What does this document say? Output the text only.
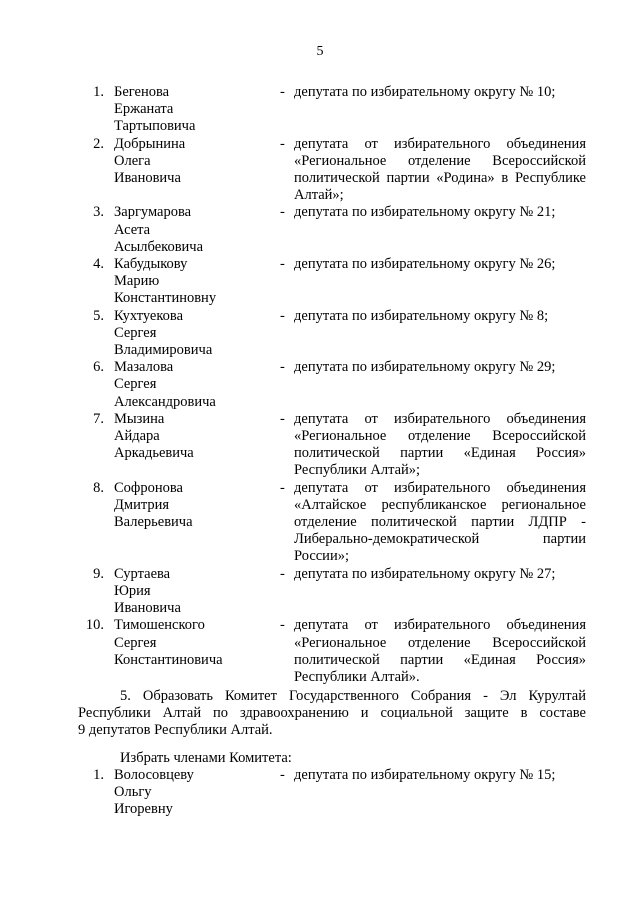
5
1. Бегенова
Ержаната
Тартыповича
- депутата по избирательному округу № 10;
2. Добрынина
Олега
Ивановича
- депутата от избирательного объединения
«Региональное отделение Всероссийской
политической партии «Родина» в Республике
Алтай»;
3. Заргумарова
Асета
Асылбековича
- депутата по избирательному округу № 21;
4. Кабудыкову
Марию
Константиновну
- депутата по избирательному округу № 26;
5. Кухтуекова
Сергея
Владимировича
- депутата по избирательному округу № 8;
6. Мазалова
Сергея
Александровича
- депутата по избирательному округу № 29;
7. Мызина
Айдара
Аркадьевича
- депутата от избирательного объединения
«Региональное отделение Всероссийской
политической партии «Единая Россия»
Республики Алтай»;
8. Софронова
Дмитрия
Валерьевича
- депутата от избирательного объединения
«Алтайское республиканское региональное
отделение политической партии ЛДПР -
Либерально-демократической партии
России»;
9. Суртаева
Юрия
Ивановича
- депутата по избирательному округу № 27;
10. Тимошенского
Сергея
Константиновича
- депутата от избирательного объединения
«Региональное отделение Всероссийской
политической партии «Единая Россия»
Республики Алтай».
5. Образовать Комитет Государственного Собрания - Эл Курултай
Республики Алтай по здравоохранению и социальной защите в составе
9 депутатов Республики Алтай.
Избрать членами Комитета:
1. Волосовцеву
Ольгу
Игоревну
- депутата по избирательному округу № 15;
